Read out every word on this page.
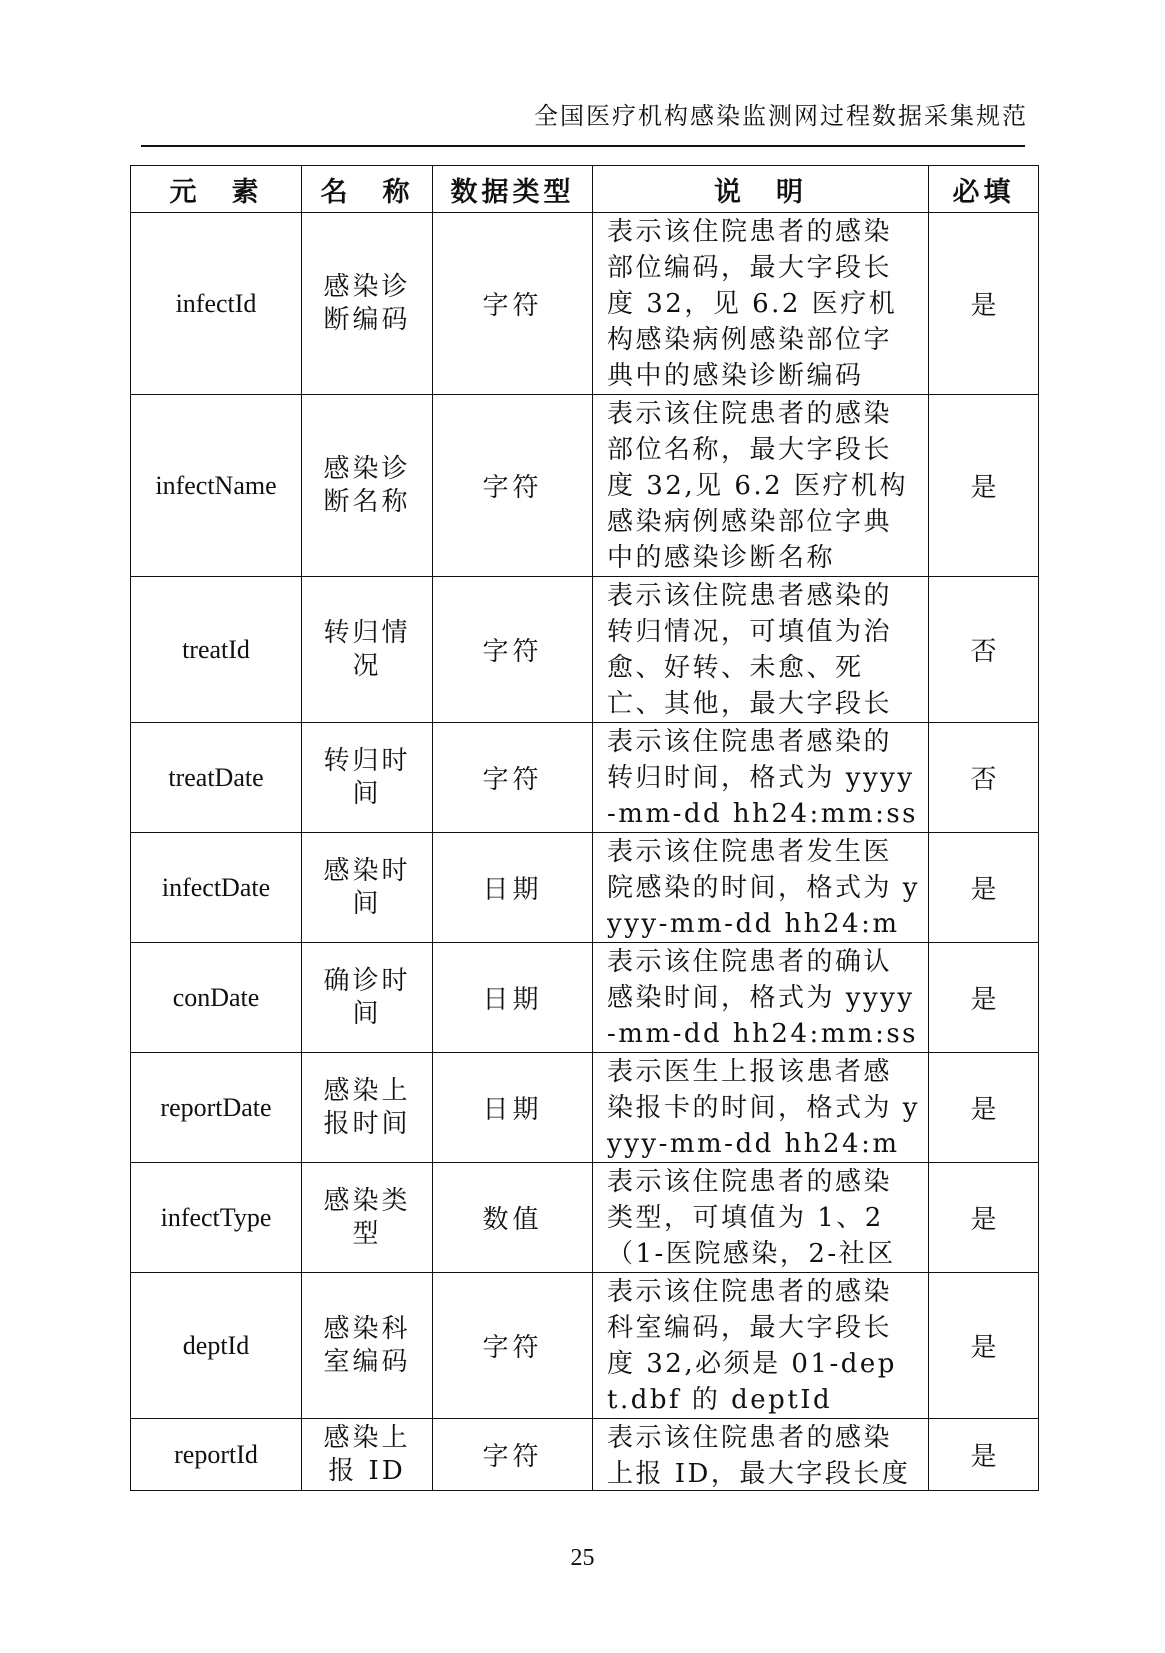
全国医疗机构感染监测网过程数据采集规范
元　素	名　称	数据类型	说　明	必填

infectId	感染诊断编码	字符	表示该住院患者的感染部位编码，最大字段长度 32，见 6.2 医疗机构感染病例感染部位字典中的感染诊断编码	是

infectName	感染诊断名称	字符	表示该住院患者的感染部位名称，最大字段长度 32,见 6.2 医疗机构感染病例感染部位字典中的感染诊断名称	是

treatId	转归情况	字符	表示该住院患者感染的转归情况，可填值为治愈、好转、未愈、死亡、其他，最大字段长	否

treatDate	转归时间	字符	表示该住院患者感染的转归时间，格式为 yyyy-mm-dd hh24:mm:ss	否

infectDate	感染时间	日期	表示该住院患者发生医院感染的时间，格式为 yyyy-mm-dd hh24:m	是

conDate	确诊时间	日期	表示该住院患者的确认感染时间，格式为 yyyy-mm-dd hh24:mm:ss	是

reportDate	感染上报时间	日期	表示医生上报该患者感染报卡的时间，格式为 yyyy-mm-dd hh24:m	是

infectType	感染类型	数值	表示该住院患者的感染类型，可填值为 1、2（1-医院感染，2-社区	是

deptId	感染科室编码	字符	表示该住院患者的感染科室编码，最大字段长度 32,必须是 01-dept.dbf 的 deptId	是

reportId	感染上报 ID	字符	表示该住院患者的感染上报 ID，最大字段长度	是
25
